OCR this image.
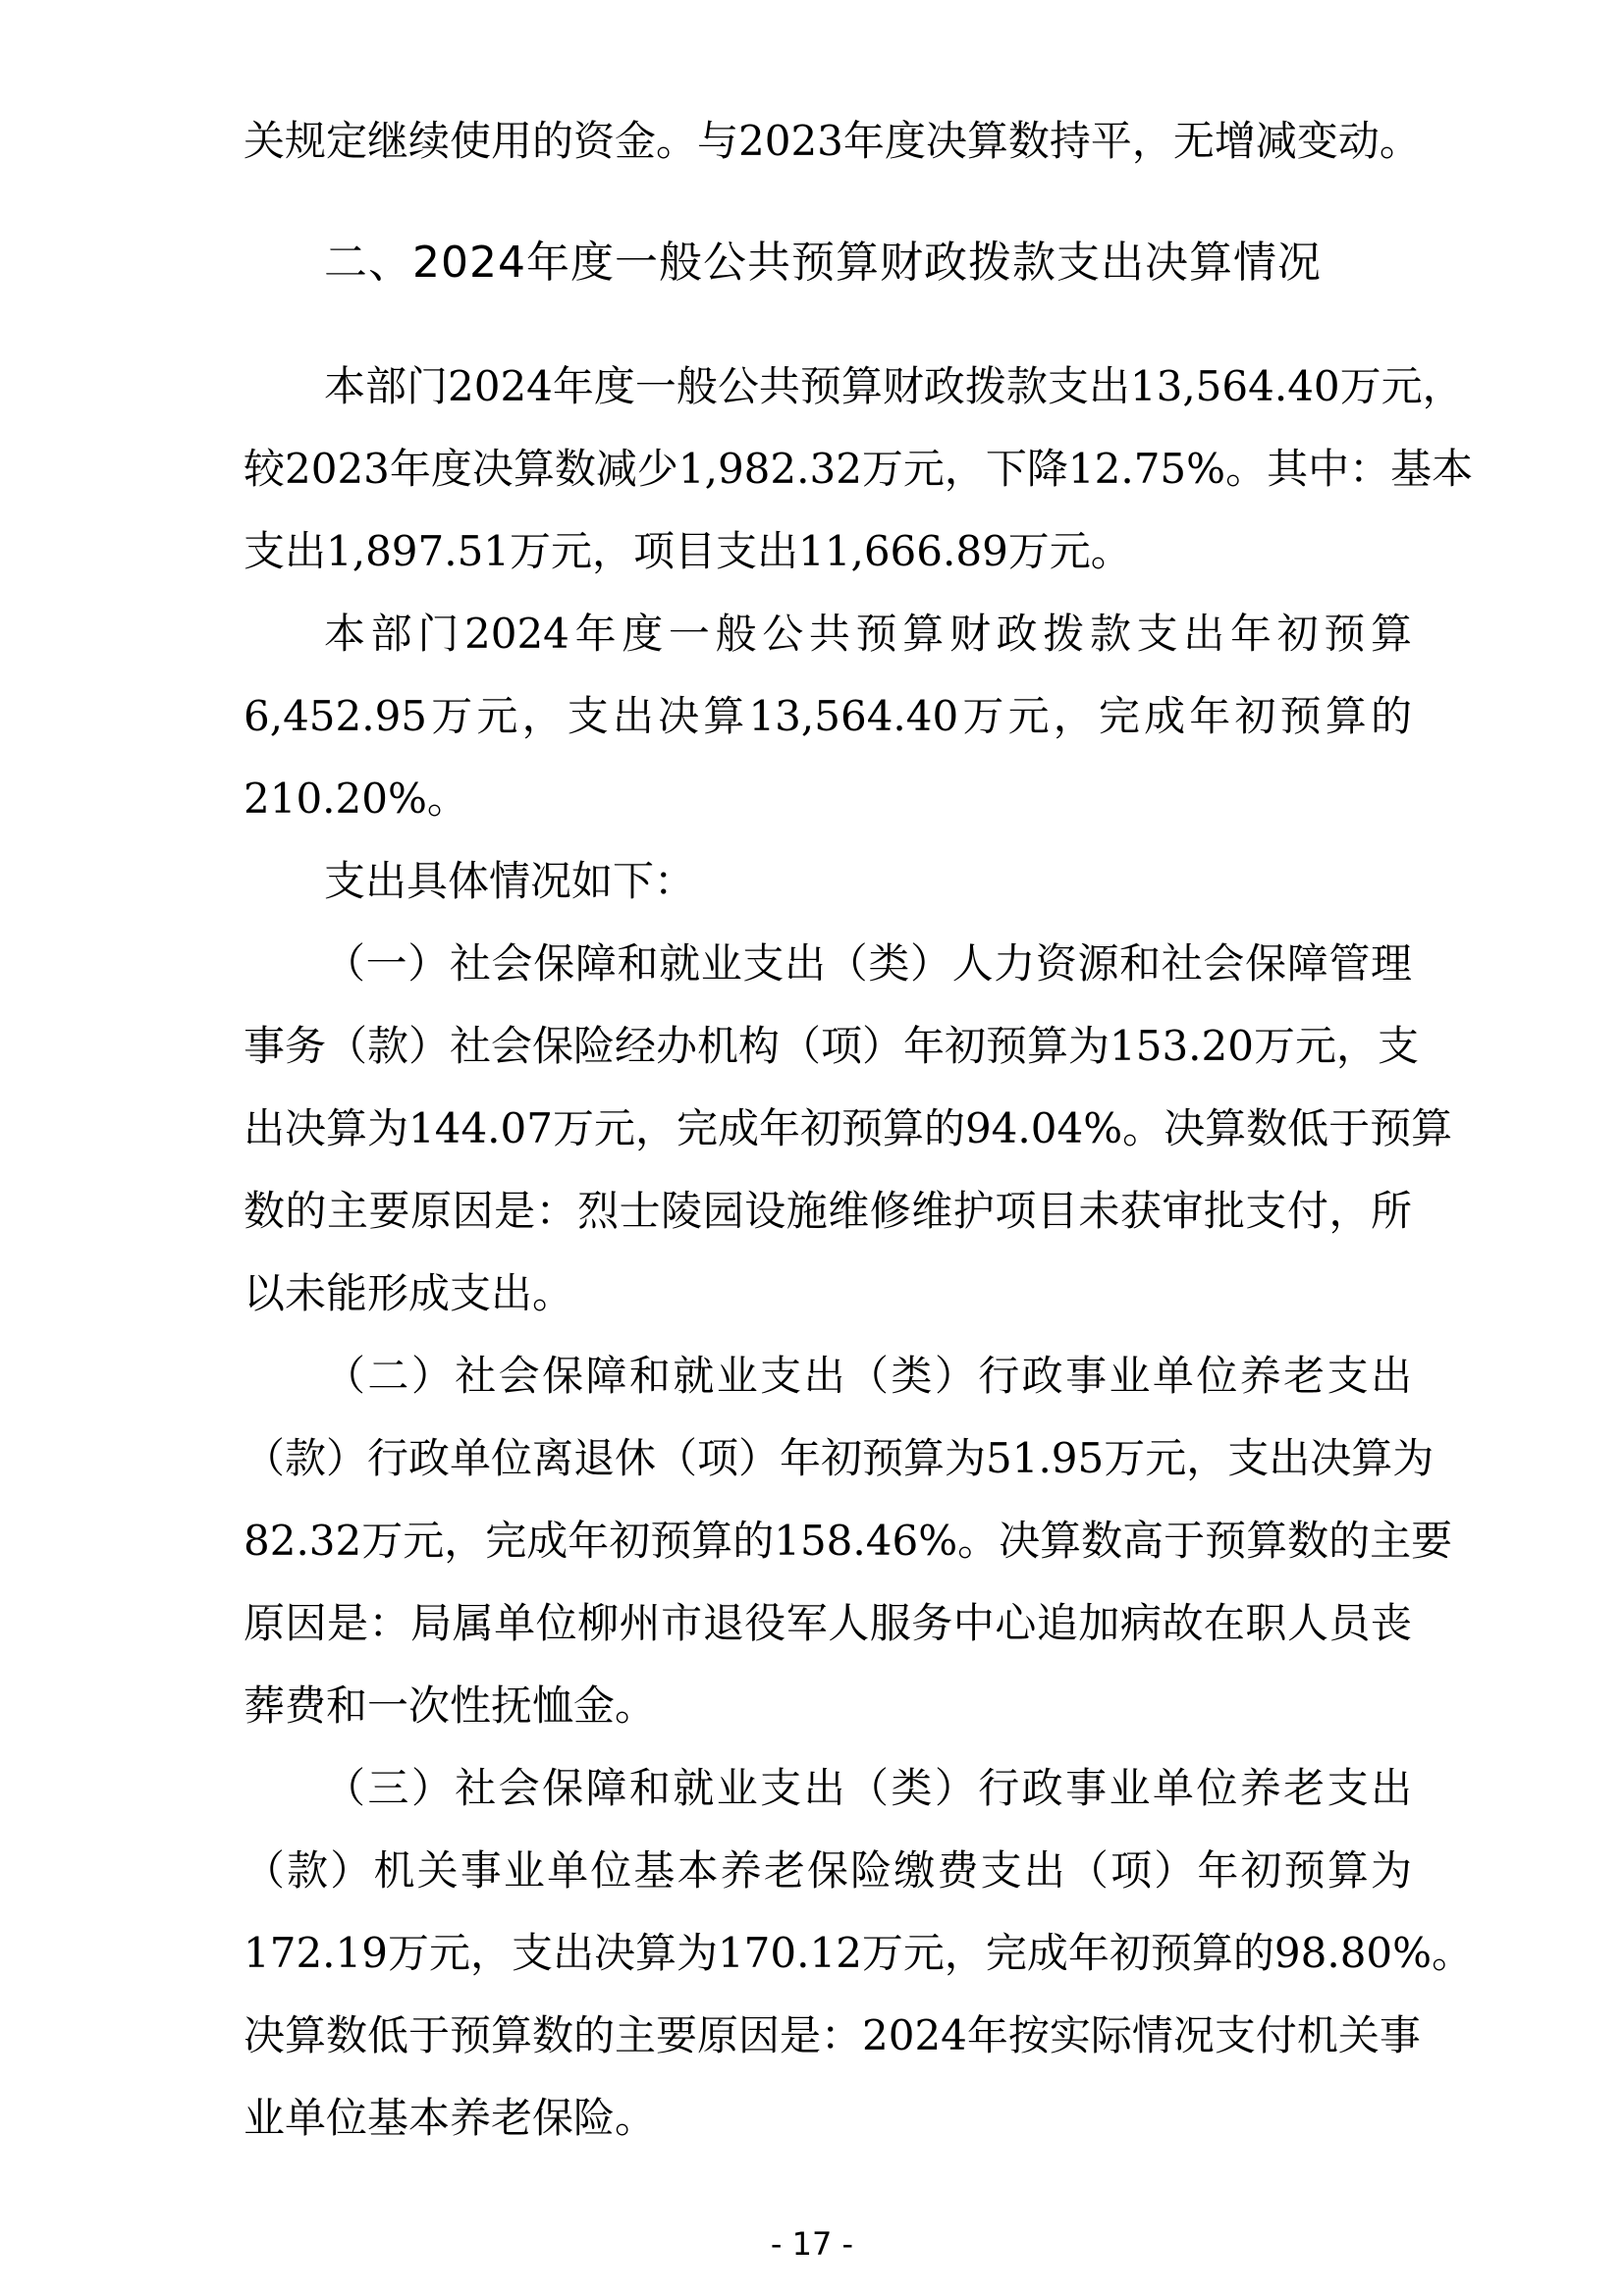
关规定继续使用的资金。与2023年度决算数持平，无增减变动。
二、2024年度一般公共预算财政拨款支出决算情况
本部门2024年度一般公共预算财政拨款支出13,564.40万元，
较2023年度决算数减少1,982.32万元，下降12.75%。其中：基本
支出1,897.51万元，项目支出11,666.89万元。
本部门2024年度一般公共预算财政拨款支出年初预算
6,452.95万元，支出决算13,564.40万元，完成年初预算的
210.20%。
支出具体情况如下：
（一）社会保障和就业支出（类）人力资源和社会保障管理
事务（款）社会保险经办机构（项）年初预算为153.20万元，支
出决算为144.07万元，完成年初预算的94.04%。决算数低于预算
数的主要原因是：烈士陵园设施维修维护项目未获审批支付，所
以未能形成支出。
（二）社会保障和就业支出（类）行政事业单位养老支出
（款）行政单位离退休（项）年初预算为51.95万元，支出决算为
82.32万元，完成年初预算的158.46%。决算数高于预算数的主要
原因是：局属单位柳州市退役军人服务中心追加病故在职人员丧
葬费和一次性抚恤金。
（三）社会保障和就业支出（类）行政事业单位养老支出
（款）机关事业单位基本养老保险缴费支出（项）年初预算为
172.19万元，支出决算为170.12万元，完成年初预算的98.80%。
决算数低于预算数的主要原因是：2024年按实际情况支付机关事
业单位基本养老保险。
- 17 -
